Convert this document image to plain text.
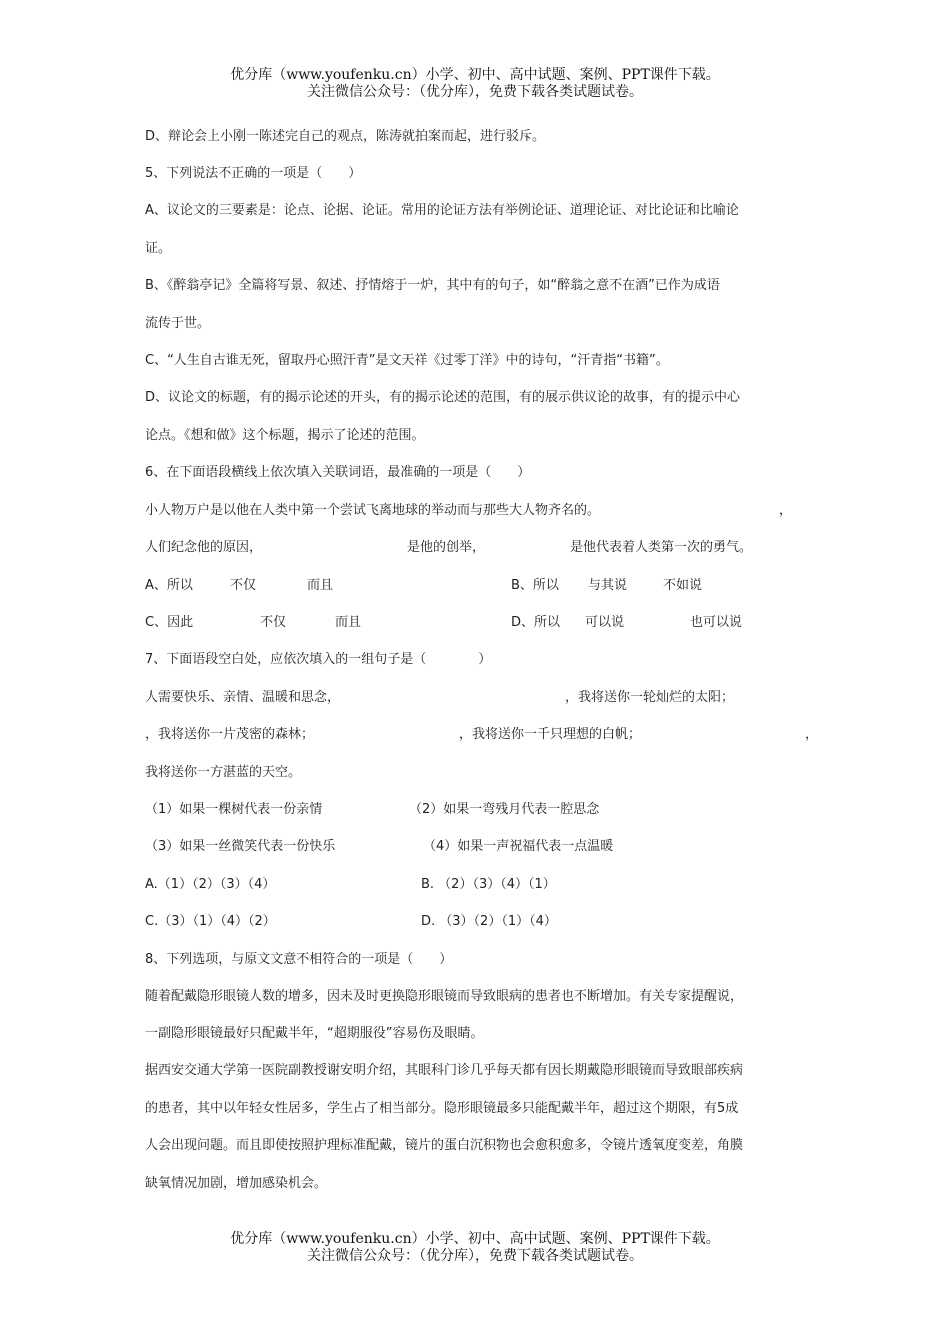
优分库（www.youfenku.cn）小学、初中、高中试题、案例、PPT课件下载。
关注微信公众号：（优分库），免费下载各类试题试卷。
D、辩论会上小刚一陈述完自己的观点，陈涛就拍案而起，进行驳斥。
5、下列说法不正确的一项是（　　）
A、议论文的三要素是：论点、论据、论证。常用的论证方法有举例论证、道理论证、对比论证和比喻论
证。
B、《醉翁亭记》全篇将写景、叙述、抒情熔于一炉，其中有的句子，如“醉翁之意不在酒”已作为成语
流传于世。
C、“人生自古谁无死，留取丹心照汗青”是文天祥《过零丁洋》中的诗句，“汗青指“书籍”。
D、议论文的标题，有的揭示论述的开头，有的揭示论述的范围，有的展示供议论的故事，有的提示中心
论点。《想和做》这个标题，揭示了论述的范围。
6、在下面语段横线上依次填入关联词语，最准确的一项是（　　）
小人物万户是以他在人类中第一个尝试飞离地球的举动而与那些大人物齐名的。	，
人们纪念他的原因，	是他的创举，	是他代表着人类第一次的勇气。
A、所以	不仅	而且	B、所以 与其说	不如说
C、因此	不仅	而且	D、所以 可以说	也可以说
7、下面语段空白处，应依次填入的一组句子是（　　　　）
人需要快乐、亲情、温暖和思念，	，我将送你一轮灿烂的太阳；
，我将送你一片茂密的森林；	，我将送你一千只理想的白帆；	，
我将送你一方湛蓝的天空。
（1）如果一棵树代表一份亲情	（2）如果一弯残月代表一腔思念
（3）如果一丝微笑代表一份快乐	（4）如果一声祝福代表一点温暖
A.（1）（2）（3）（4）	B. （2）（3）（4）（1）
C.（3）（1）（4）（2）	D. （3）（2）（1）（4）
8、下列选项，与原文文意不相符合的一项是（　　）
随着配戴隐形眼镜人数的增多，因未及时更换隐形眼镜而导致眼病的患者也不断增加。有关专家提醒说，
一副隐形眼镜最好只配戴半年，“超期服役”容易伤及眼睛。
据西安交通大学第一医院副教授谢安明介绍，其眼科门诊几乎每天都有因长期戴隐形眼镜而导致眼部疾病
的患者，其中以年轻女性居多，学生占了相当部分。隐形眼镜最多只能配戴半年，超过这个期限，有5成
人会出现问题。而且即使按照护理标准配戴，镜片的蛋白沉积物也会愈积愈多，令镜片透氧度变差，角膜
缺氧情况加剧，增加感染机会。
优分库（www.youfenku.cn）小学、初中、高中试题、案例、PPT课件下载。
关注微信公众号：（优分库），免费下载各类试题试卷。
